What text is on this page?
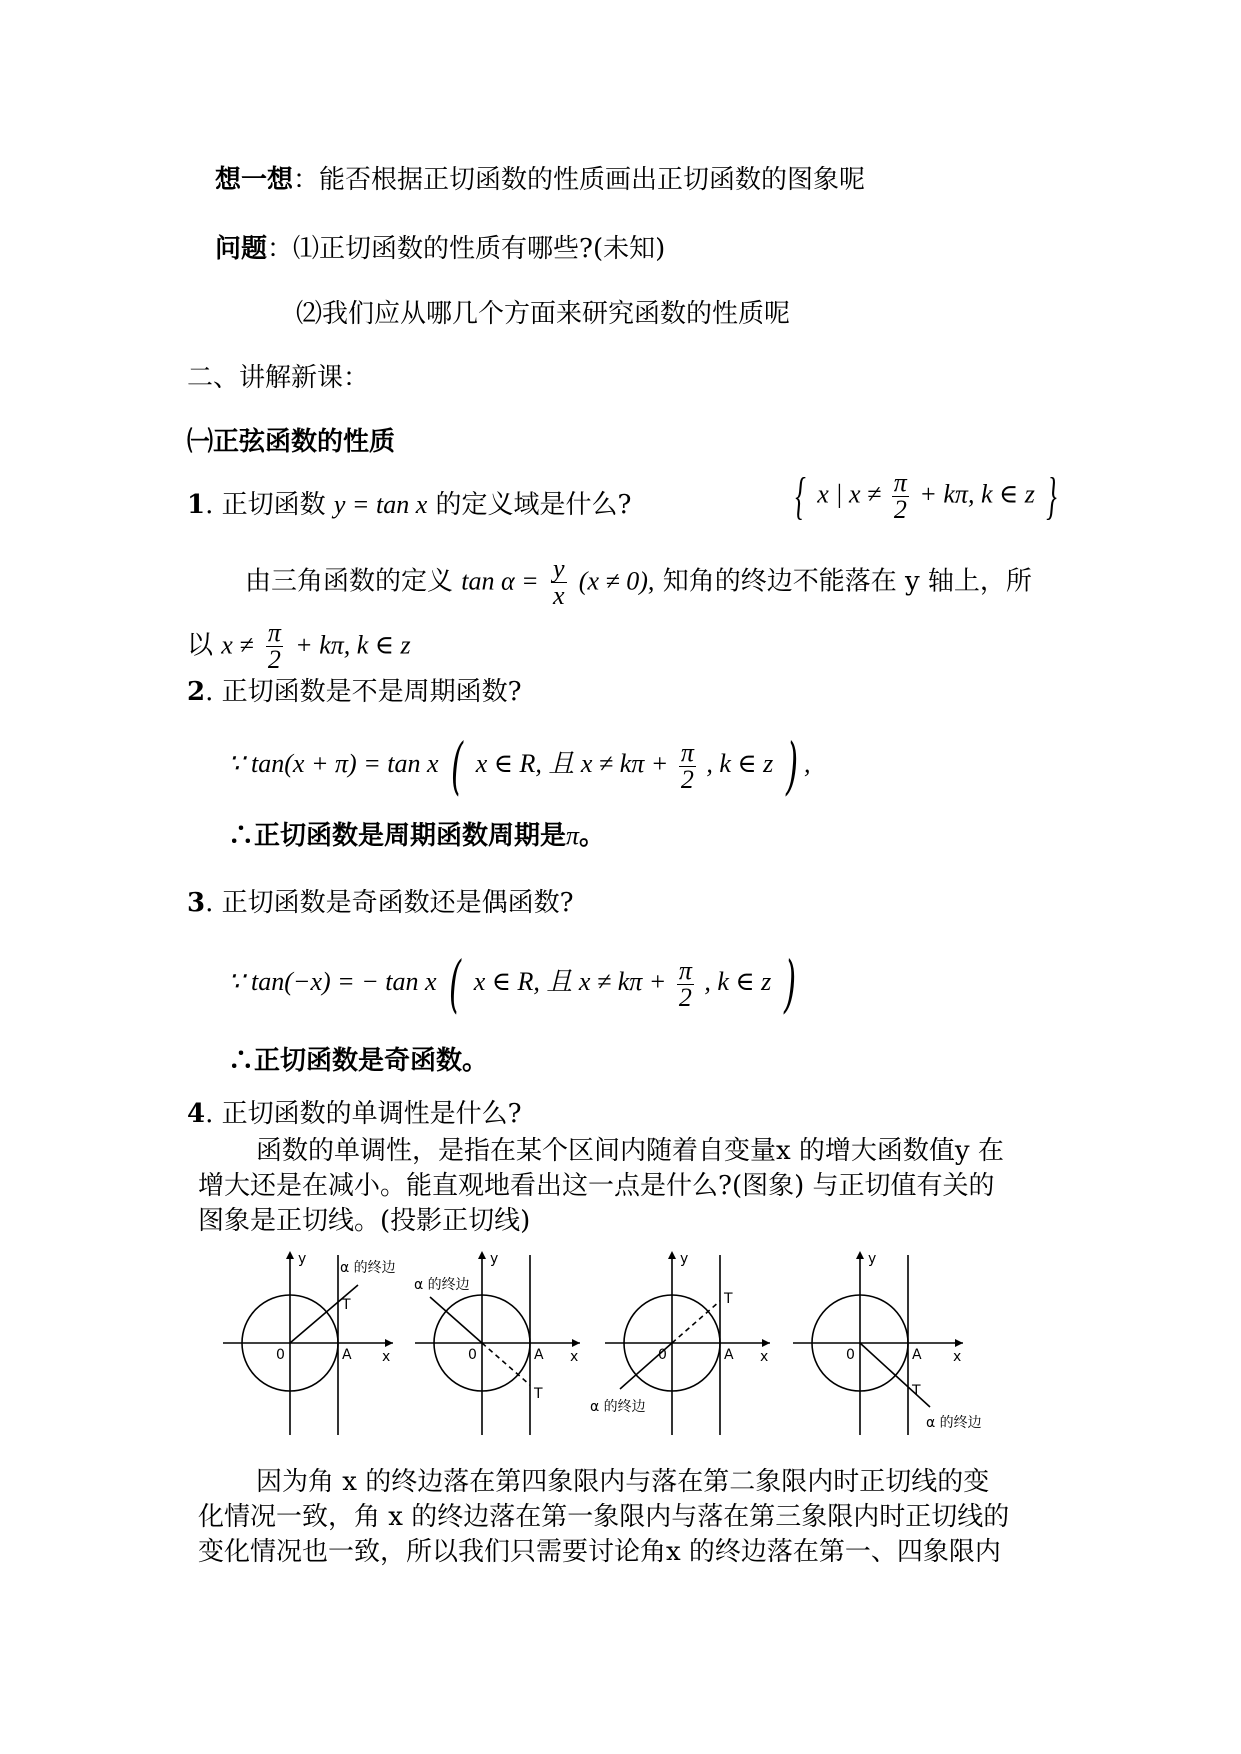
想一想：能否根据正切函数的性质画出正切函数的图象呢
问题：⑴正切函数的性质有哪些?(未知)
⑵我们应从哪几个方面来研究函数的性质呢
二、讲解新课：
㈠正弦函数的性质
1. 正切函数 y = tan x 的定义域是什么?	{ x | $x \ne \frac{\pi}{2} + k\pi$, k ∈ z }
由三角函数的定义 $\tan \alpha = \frac{y}{x} (x \ne 0)$, 知角的终边不能落在 y 轴上，所
以 $x \ne \frac{\pi}{2} + k\pi$, k ∈ z
2. 正切函数是不是周期函数?
∵ tan(x + π) = tan x ( x ∈ R, 且 $x \ne k\pi + \frac{\pi}{2}$ , k ∈ z ) ,
∴正切函数是周期函数周期是π。
3. 正切函数是奇函数还是偶函数?
∵ tan(−x) = − tan x ( x ∈ R, 且 $x \ne k\pi + \frac{\pi}{2}$ , k ∈ z )
∴正切函数是奇函数。
4. 正切函数的单调性是什么?
函数的单调性，是指在某个区间内随着自变量x 的增大函数值y 在
增大还是在减小。能直观地看出这一点是什么?(图象) 与正切值有关的
图象是正切线。(投影正切线)
y
x
0	A
T
α 的终边
y
x
0	A
T
α 的终边
y
x
0	A
T
α 的终边
y
x
0	A
T
α 的终边
因为角 x 的终边落在第四象限内与落在第二象限内时正切线的变
化情况一致，角 x 的终边落在第一象限内与落在第三象限内时正切线的
变化情况也一致，所以我们只需要讨论角x 的终边落在第一、四象限内
